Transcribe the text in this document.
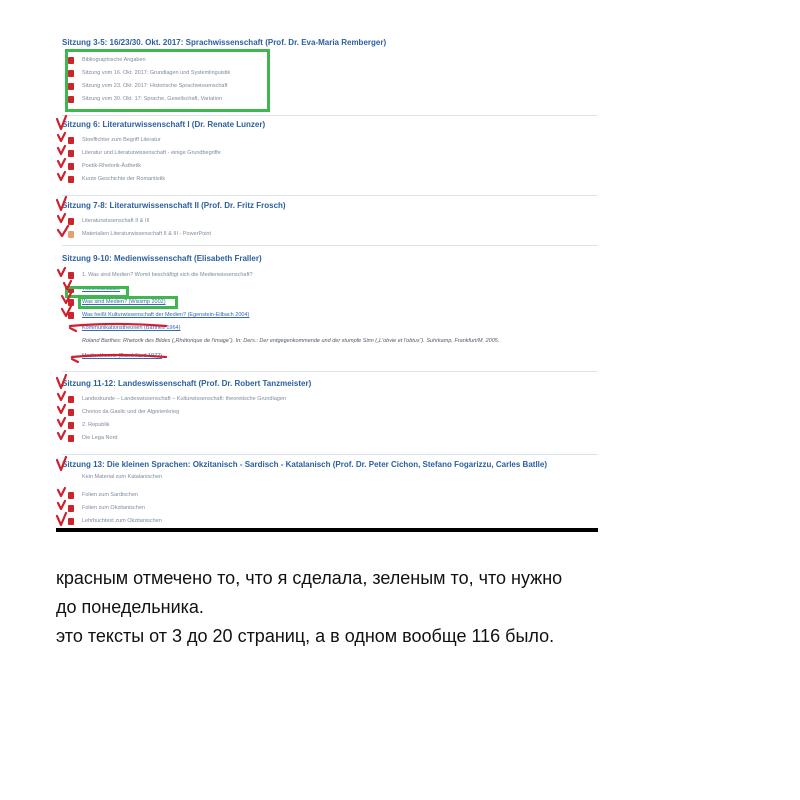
Sitzung 3-5: 16/23/30. Okt. 2017: Sprachwissenschaft (Prof. Dr. Eva-Maria Remberger)
Bibliographische Angaben
Sitzung vom 16. Okt. 2017: Grundlagen und Systemlinguistik
Sitzung vom 23. Okt. 2017: Historische Sprachwissenschaft
Sitzung vom 30. Okt. 17: Sprache, Gesellschaft, Variation
Sitzung 6: Literaturwissenschaft I (Dr. Renate Lunzer)
Stoeffichter zum Begriff Literatur
Literatur und Literaturwissenschaft - einige Grundbegriffe
Poetik-Rhetorik-Ästhetik
Kurze Geschichte der Romantistik
Sitzung 7-8: Literaturwissenschaft II (Prof. Dr. Fritz Frosch)
Literaturwissenschaft II & III
Materialien Literaturwissenschaft II & III - PowerPoint
Sitzung 9-10: Medienwissenschaft (Elisabeth Fraller)
1. Was sind Medien? Womit beschäftigt sich die Medienwissenschaft?
Theorieansätze
Was sind Medien? (Wissmp 2002)
Was heißt Kulturwissenschaft der Medien? (Egenstein-Eilbach 2004)
Kommunikationstheorien (Barthes 1964)
Roland Barthes: Rhetorik des Bildes („Rhétorique de l'image“). In: Ders.: Der entgegenkommende und der stumpfe Sinn („L'obvie et l'obtus“). Suhrkamp, Frankfurt/M. 2005.
Medientheorie (Baudrillard 1972)
Sitzung 11-12: Landeswissenschaft (Prof. Dr. Robert Tanzmeister)
Landeskunde – Landeswissenschaft – Kulturwissenschaft: theoretische Grundlagen
Chorios da Gaelic und der Algorienkrieg
2. Republik
Die Lega Nord
Sitzung 13: Die kleinen Sprachen: Okzitanisch - Sardisch - Katalanisch (Prof. Dr. Peter Cichon, Stefano Fogarizzu, Carles Batlle)
Kein Material zum Katalanischen
Folien zum Sardischen
Folien zum Okzitanischen
Lehrbuchtext zum Okzitanischen
красным отмечено то, что я сделала, зеленым то, что нужно
до понедельника.
это тексты от 3 до 20 страниц, а в одном вообще 116 было.
